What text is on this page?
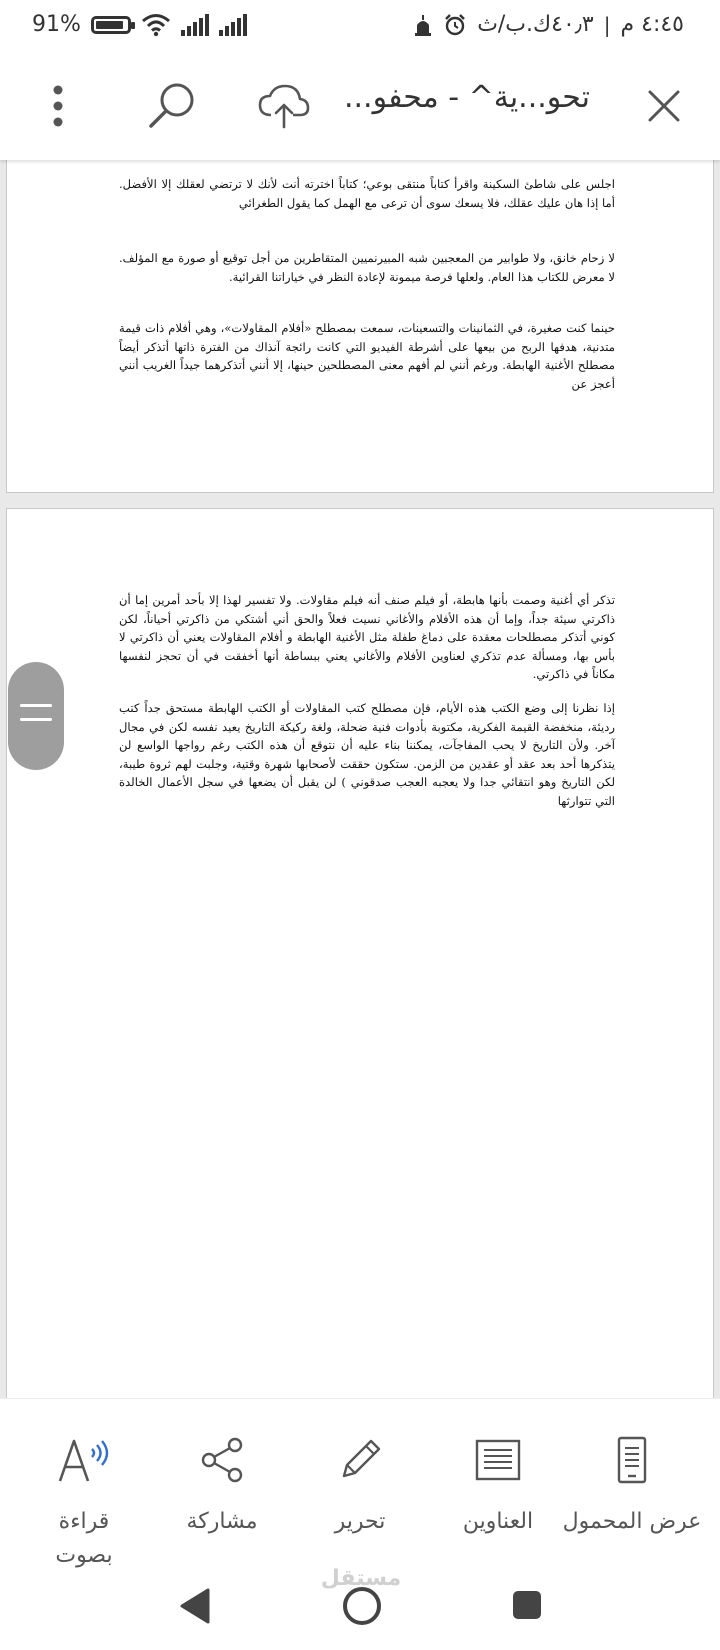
91%	٤:٤٥ م
|
٤٠٫٣ك.ب/ث
تحو...ية^ - محفو...
اجلس على شاطئ السكينة واقرأ كتاباً منتقى بوعي؛ كتاباً اخترته أنت لأنك لا ترتضي لعقلك إلا الأفضل. أما إذا هان عليك عقلك، فلا يسعك سوى أن ترعى مع الهمل كما يقول الطغرائي
لا زحام خانق، ولا طوابير من المعجبين شبه المبيرنميين المتقاطرين من أجل توقيع أو صورة مع المؤلف. لا معرض للكتاب هذا العام. ولعلها فرصة ميمونة لإعادة النظر في خياراتنا القرائية.
حينما كنت صغيرة، في الثمانينات والتسعينات، سمعت بمصطلح «أفلام المقاولات»، وهي أفلام ذات قيمة متدنية، هدفها الربح من بيعها على أشرطة الفيديو التي كانت رائجة آنذاك من الفترة ذاتها أتذكر أيضاً مصطلح الأغنية الهابطة. ورغم أنني لم أفهم معنى المصطلحين حينها، إلا أنني أتذكرهما جيداً الغريب أنني أعجز عن
تذكر أي أغنية وصمت بأنها هابطة، أو فيلم صنف أنه فيلم مقاولات. ولا تفسير لهذا إلا بأحد أمرين إما أن ذاكرتي سيئة جداً، وإما أن هذه الأفلام والأغاني نسيت فعلاً والحق أني أشتكي من ذاكرتي أحياناً، لكن كوني أتذكر مصطلحات معقدة على دماغ طفلة مثل الأغنية الهابطة و أفلام المقاولات يعني أن ذاكرتي لا بأس بها، ومسألة عدم تذكري لعناوين الأفلام والأغاني يعني ببساطة أنها أخفقت في أن تحجز لنفسها مكاناً في ذاكرتي.
إذا نظرنا إلى وضع الكتب هذه الأيام، فإن مصطلح كتب المقاولات أو الكتب الهابطة مستحق جداً كتب رديئة، منخفضة القيمة الفكرية، مكتوبة بأدوات فنية ضحلة، ولغة ركيكة التاريخ يعيد نفسه لكن في مجال آخر. ولأن التاريخ لا يحب المفاجآت، يمكننا بناء عليه أن نتوقع أن هذه الكتب رغم رواجها الواسع لن يتذكرها أحد بعد عقد أو عقدين من الزمن. ستكون حققت لأصحابها شهرة وقتية، وجلبت لهم ثروة طيبة، لكن التاريخ وهو انتقائي جدا ولا يعجبه العجب صدقوني ) لن يقبل أن يضعها في سجل الأعمال الخالدة التي تتوارثها
عرض المحمول
العناوين
تحرير
مشاركة
قراءة بصوت
مستقل
